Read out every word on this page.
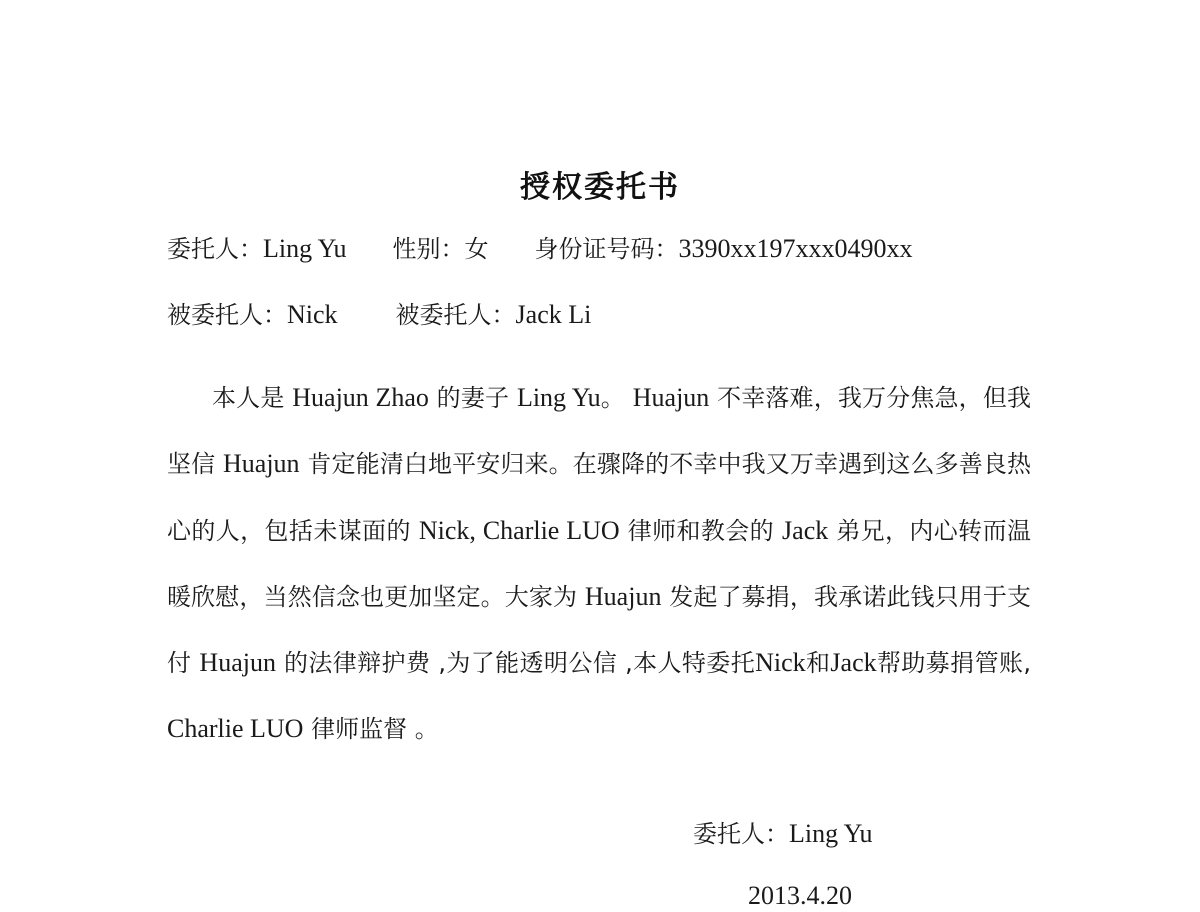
授权委托书
委托人：Ling Yu 性别：女 身份证号码：3390xx197xxx0490xx
被委托人：Nick 被委托人：Jack Li
本人是 Huajun Zhao 的妻子 Ling Yu。 Huajun 不幸落难，我万分焦急，但我坚信 Huajun 肯定能清白地平安归来。在骤降的不幸中我又万幸遇到这么多善良热心的人，包括未谋面的 Nick, Charlie LUO 律师和教会的 Jack 弟兄，内心转而温暖欣慰，当然信念也更加坚定。大家为 Huajun 发起了募捐，我承诺此钱只用于支付 Huajun 的法律辩护费 ,为了能透明公信 ,本人特委托Nick和Jack帮助募捐管账, Charlie LUO 律师监督 。
委托人：Ling Yu
2013.4.20
